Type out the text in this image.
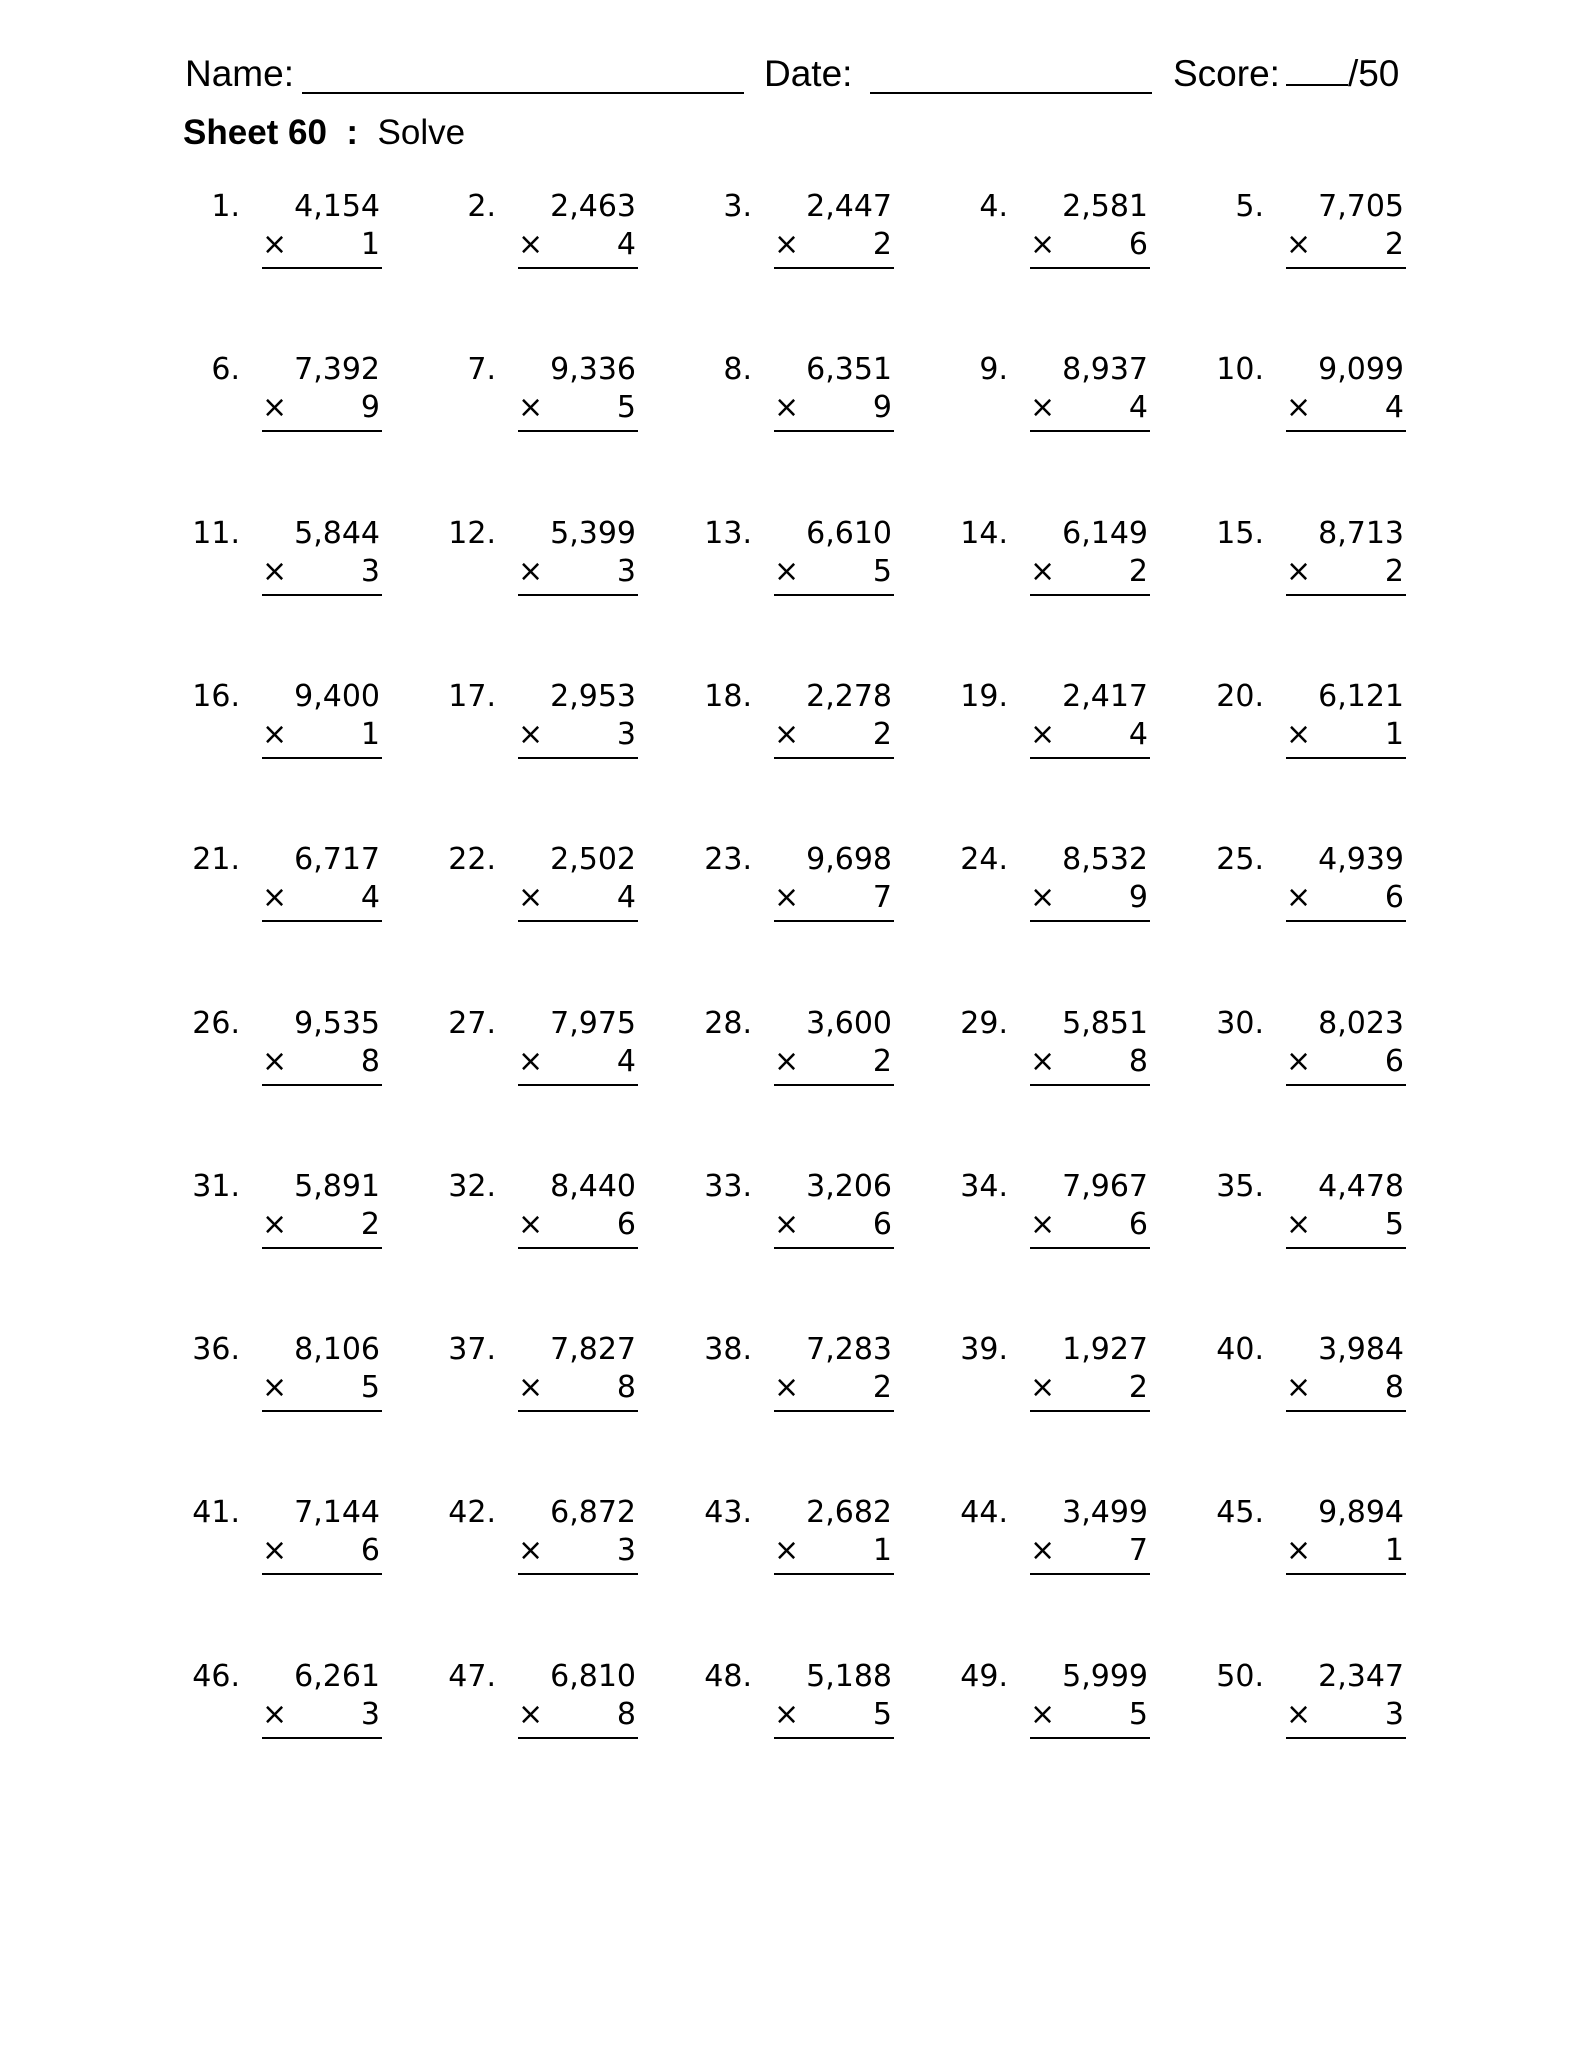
Name:	Date:	Score: /50
Sheet 60 : Solve
1.	4,154
×	1
2.	2,463
×	4
3.	2,447
×	2
4.	2,581
×	6
5.	7,705
×	2
6.	7,392
×	9
7.	9,336
×	5
8.	6,351
×	9
9.	8,937
×	4
10.	9,099
×	4
11.	5,844
×	3
12.	5,399
×	3
13.	6,610
×	5
14.	6,149
×	2
15.	8,713
×	2
16.	9,400
×	1
17.	2,953
×	3
18.	2,278
×	2
19.	2,417
×	4
20.	6,121
×	1
21.	6,717
×	4
22.	2,502
×	4
23.	9,698
×	7
24.	8,532
×	9
25.	4,939
×	6
26.	9,535
×	8
27.	7,975
×	4
28.	3,600
×	2
29.	5,851
×	8
30.	8,023
×	6
31.	5,891
×	2
32.	8,440
×	6
33.	3,206
×	6
34.	7,967
×	6
35.	4,478
×	5
36.	8,106
×	5
37.	7,827
×	8
38.	7,283
×	2
39.	1,927
×	2
40.	3,984
×	8
41.	7,144
×	6
42.	6,872
×	3
43.	2,682
×	1
44.	3,499
×	7
45.	9,894
×	1
46.	6,261
×	3
47.	6,810
×	8
48.	5,188
×	5
49.	5,999
×	5
50.	2,347
×	3
